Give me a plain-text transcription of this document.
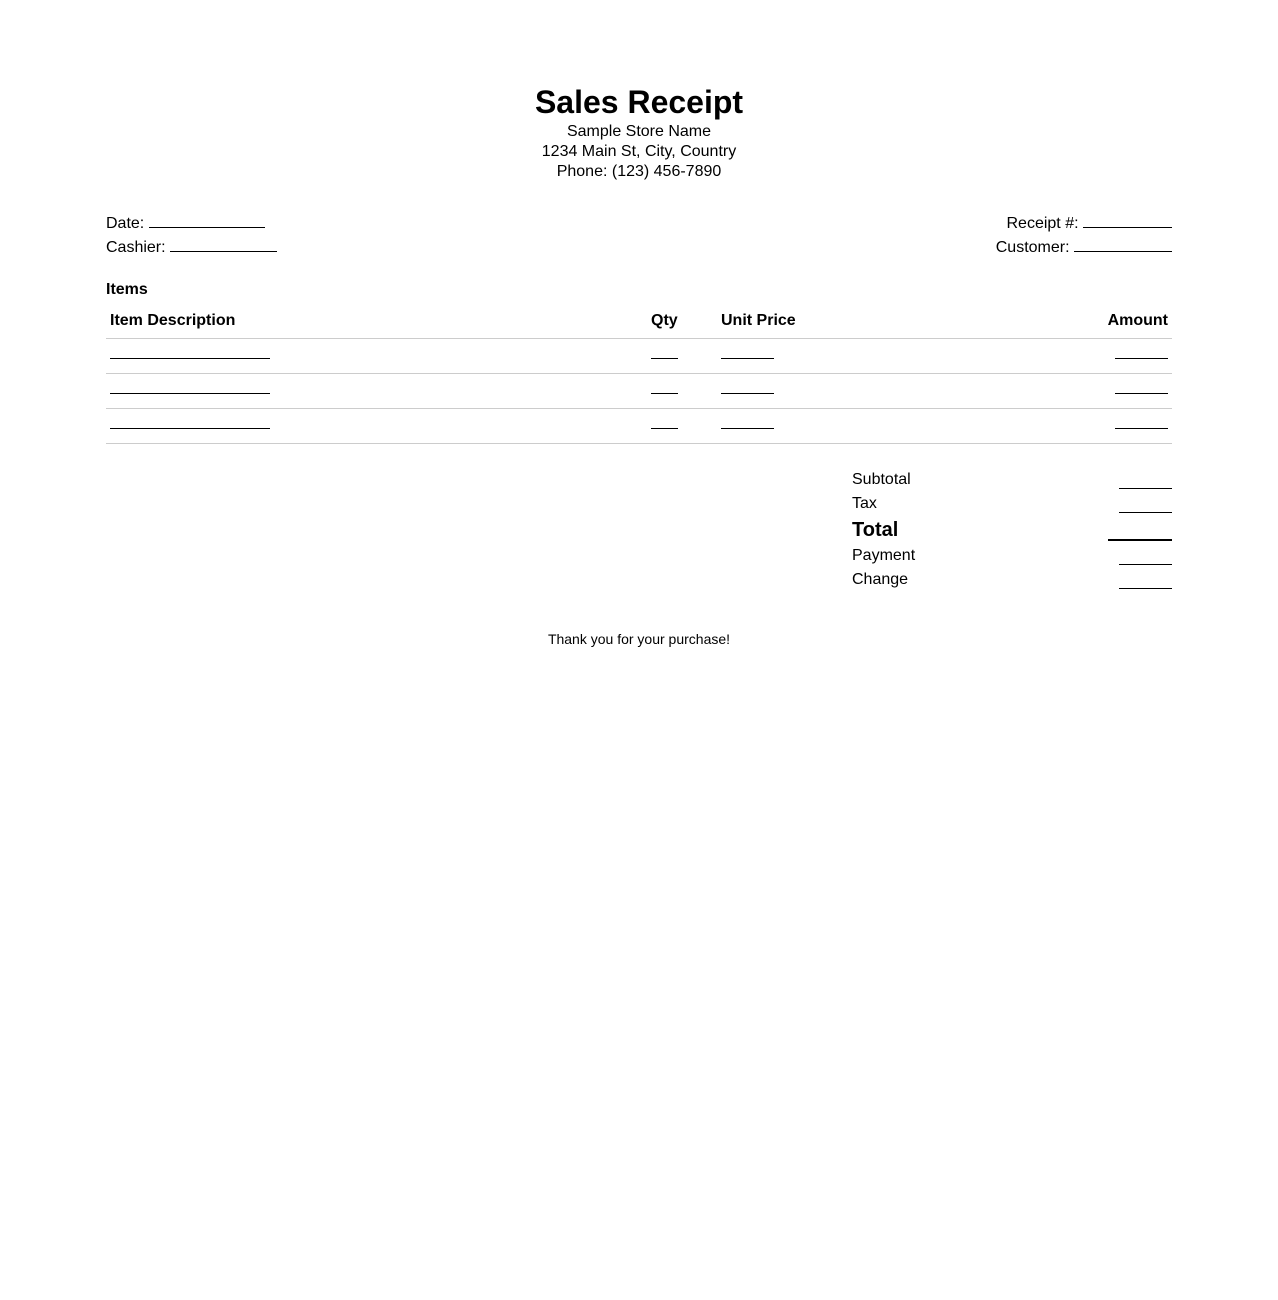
Sales Receipt
Sample Store Name
1234 Main St, City, Country
Phone: (123) 456-7890
Date:
Cashier:
Receipt #:
Customer:
Items
Item Description	Qty	Unit Price	Amount

Subtotal
Tax
Total
Payment
Change
Thank you for your purchase!
